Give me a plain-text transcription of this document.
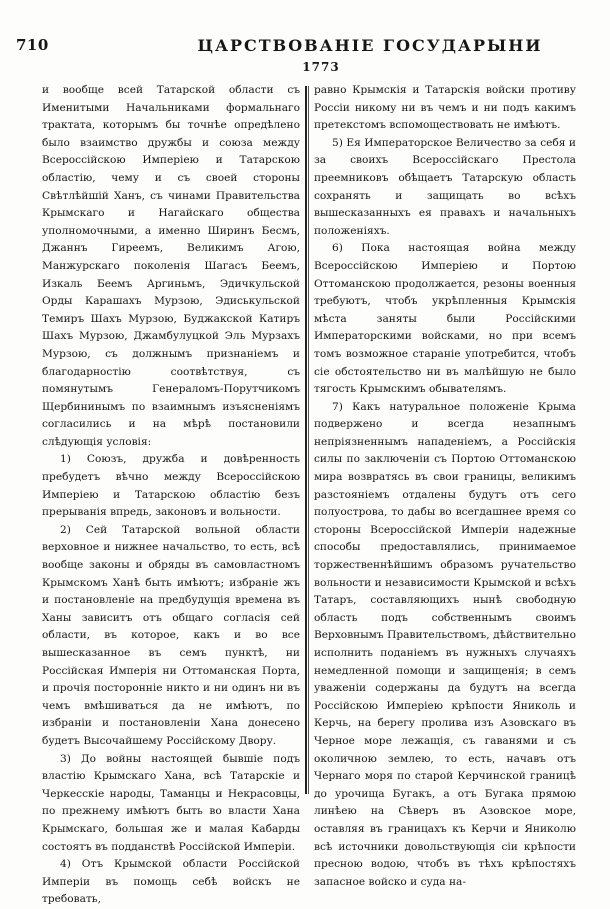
710	ЦАРСТВОВАНІЕ ГОСУДАРЫНИ
1773

и вообще всей Татарской области съ Именитыми Начальниками формальнаго трактата, которымъ бы точнѣе опредѣлено было взаимство дружбы и союза между Всероссійскою Имперіею и Татарскою областію, чему и съ своей стороны Свѣтлѣйшій Ханъ, съ чинами Правительства Крымскаго и Нагайскаго общества уполномочными, а именно Ширинъ Бесмъ, Джаннъ Гиреемъ, Великимъ Агою, Манжурскаго поколенія Шагасъ Беемъ, Изкаль Беемъ Аргиньмъ, Эдичкульской Орды Карашахъ Мурзою, Эдиськульской Темиръ Шахъ Мурзою, Буджакской Катиръ Шахъ Мурзою, Джамбулуцкой Эль Мурзахъ Мурзою, съ должнымъ признаніемъ и благодарностію соотвѣтствуя, съ помянутымъ Генераломъ-Порутчикомъ Щербининымъ по взаимнымъ изъясненіямъ согласились и на мѣрѣ постановили слѣдующія условія:

1) Союзъ, дружба и довѣренность пребудетъ вѣчно между Всероссійскою Имперіею и Татарскою областію безъ прерыванія впредь, законовъ и вольности.

2) Сей Татарской вольной области верховное и нижнее начальство, то есть, всѣ вообще законы и обряды въ самовластномъ Крымскомъ Ханѣ быть имѣютъ; избраніе жъ и постановленіе на предбудущія времена въ Ханы зависитъ отъ общаго согласія сей области, въ которое, какъ и во все вышесказанное въ семъ пунктѣ, ни Россійская Имперія ни Оттоманская Порта, и прочія посторонніе никто и ни одинъ ни въ чемъ вмѣшиваться да не имѣютъ, по избраніи и постановленіи Хана донесено будетъ Высочайшему Россійскому Двору.

3) До войны настоящей бывшіе подъ властію Крымскаго Хана, всѣ Татарскіе и Черкесскіе народы, Таманцы и Некрасовцы, по прежнему имѣютъ быть во власти Хана Крымскаго, большая же и малая Кабарды состоятъ въ подданствѣ Россійской Имперіи.

4) Отъ Крымской области Россійской Имперіи въ помощь себѣ войскъ не требовать,

равно Крымскія и Татарскія войски противу Россіи никому ни въ чемъ и ни подъ какимъ претекстомъ вспомоществовать не имѣютъ.

5) Ея Императорское Величество за себя и за своихъ Всероссійскаго Престола преемниковъ обѣщаетъ Татарскую область сохранять и защищать во всѣхъ вышесказанныхъ ея правахъ и начальныхъ положеніяхъ.

6) Пока настоящая война между Всероссійскою Имперіею и Портою Оттоманскою продолжается, резоны военныя требуютъ, чтобъ укрѣпленныя Крымскія мѣста заняты были Россійскими Императорскими войсками, но при всемъ томъ возможное стараніе употребится, чтобъ сіе обстоятельство ни въ малѣйшую не было тягость Крымскимъ обывателямъ.

7) Какъ натуральное положеніе Крыма подвержено и всегда незапнымъ непріязненнымъ нападеніемъ, а Россійскія силы по заключеніи съ Портою Оттоманскою мира возвратясь въ свои границы, великимъ разстояніемъ отдалены будутъ отъ сего полуострова, то дабы во всегдашнее время со стороны Всероссійской Имперіи надежные способы предоставлялись, принимаемое торжественнѣйшимъ образомъ ручательство вольности и независимости Крымской и всѣхъ Татаръ, составляющихъ нынѣ свободную область подъ собственнымъ своимъ Верховнымъ Правительствомъ, дѣйствительно исполнить поданіемъ въ нужныхъ случаяхъ немедленной помощи и защищенія; в семъ уваженіи содержаны да будутъ на всегда Россійскою Имперіею крѣпости Яниколь и Керчь, на берегу пролива изъ Азовскаго въ Черное море лежащія, съ гаванями и съ околичною землею, то есть, начавъ отъ Чернаго моря по старой Керчинской границѣ до урочища Бугакъ, а отъ Бугака прямою линѣею на Сѣверъ въ Азовское море, оставляя въ границахъ къ Керчи и Яниколю всѣ источники довольствующія сіи крѣпости пресною водою, чтобъ въ тѣхъ крѣпостяхъ запасное войско и суда на-
